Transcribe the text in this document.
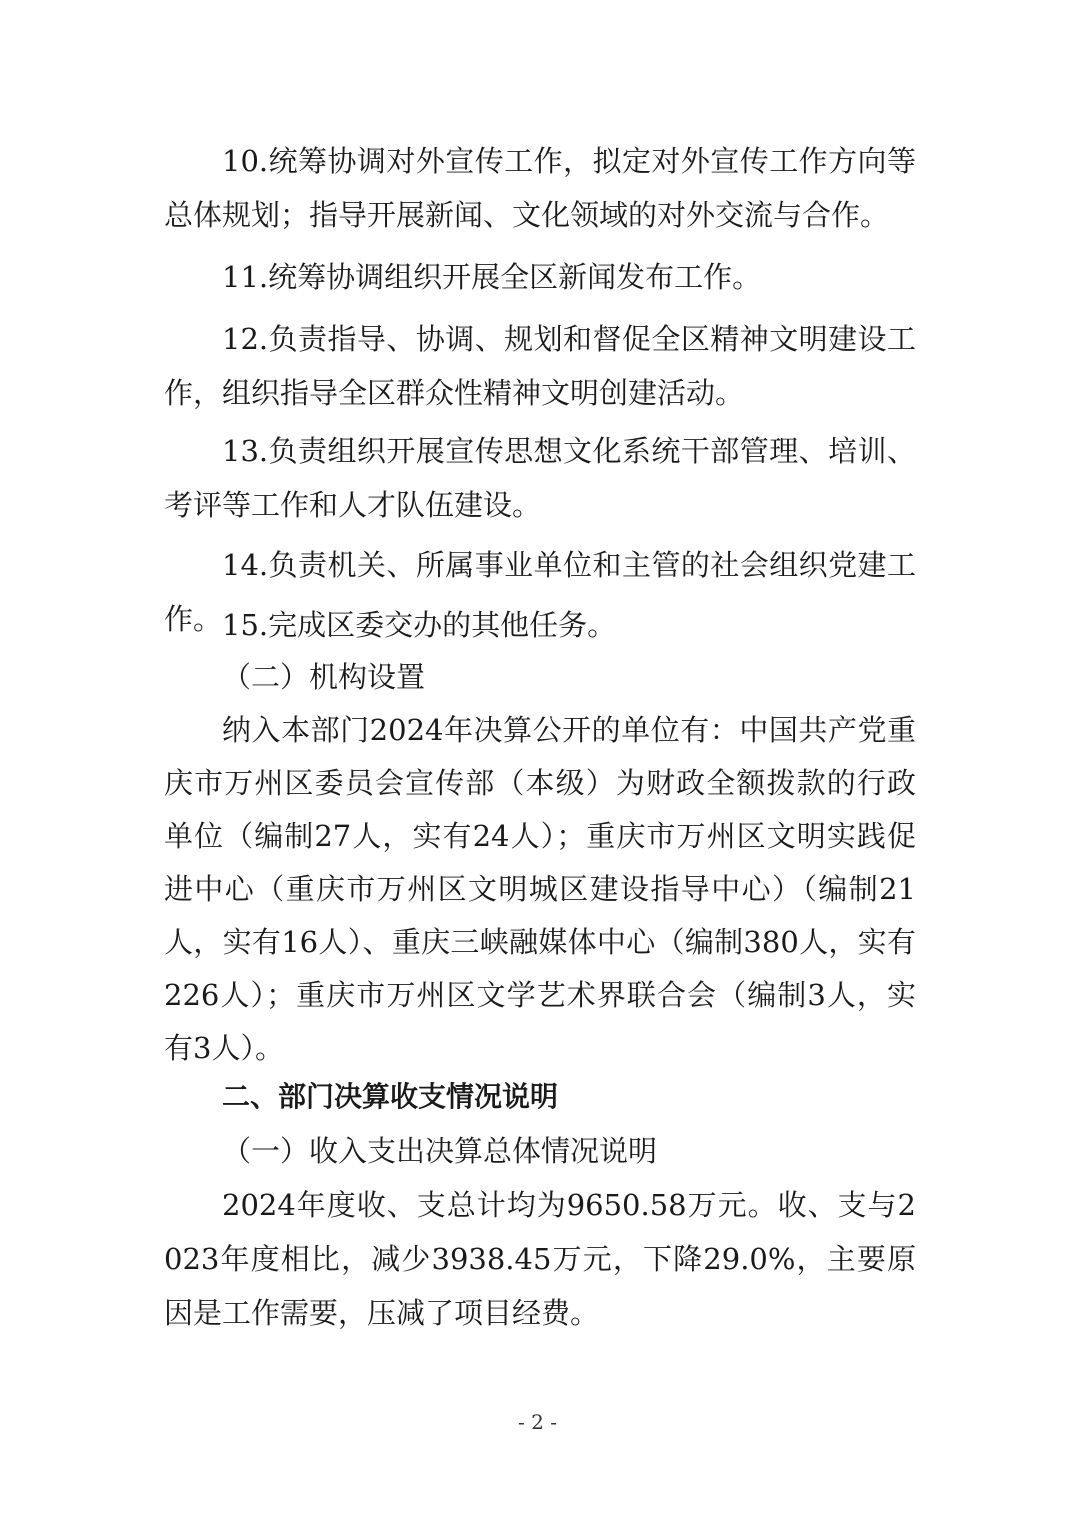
10.统筹协调对外宣传工作，拟定对外宣传工作方向等总体规划；指导开展新闻、文化领域的对外交流与合作。

11.统筹协调组织开展全区新闻发布工作。

12.负责指导、协调、规划和督促全区精神文明建设工作，组织指导全区群众性精神文明创建活动。

13.负责组织开展宣传思想文化系统干部管理、培训、考评等工作和人才队伍建设。

14.负责机关、所属事业单位和主管的社会组织党建工作。 15.完成区委交办的其他任务。

（二）机构设置

纳入本部门2024年决算公开的单位有：中国共产党重庆市万州区委员会宣传部（本级）为财政全额拨款的行政单位（编制27人，实有24人）；重庆市万州区文明实践促进中心（重庆市万州区文明城区建设指导中心）（编制21人，实有16人）、重庆三峡融媒体中心（编制380人，实有226人）；重庆市万州区文学艺术界联合会（编制3人，实有3人）。

二、部门决算收支情况说明

（一）收入支出决算总体情况说明

2024年度收、支总计均为9650.58万元。收、支与2023年度相比，减少3938.45万元，下降29.0%，主要原因是工作需要，压减了项目经费。

- 2 -
